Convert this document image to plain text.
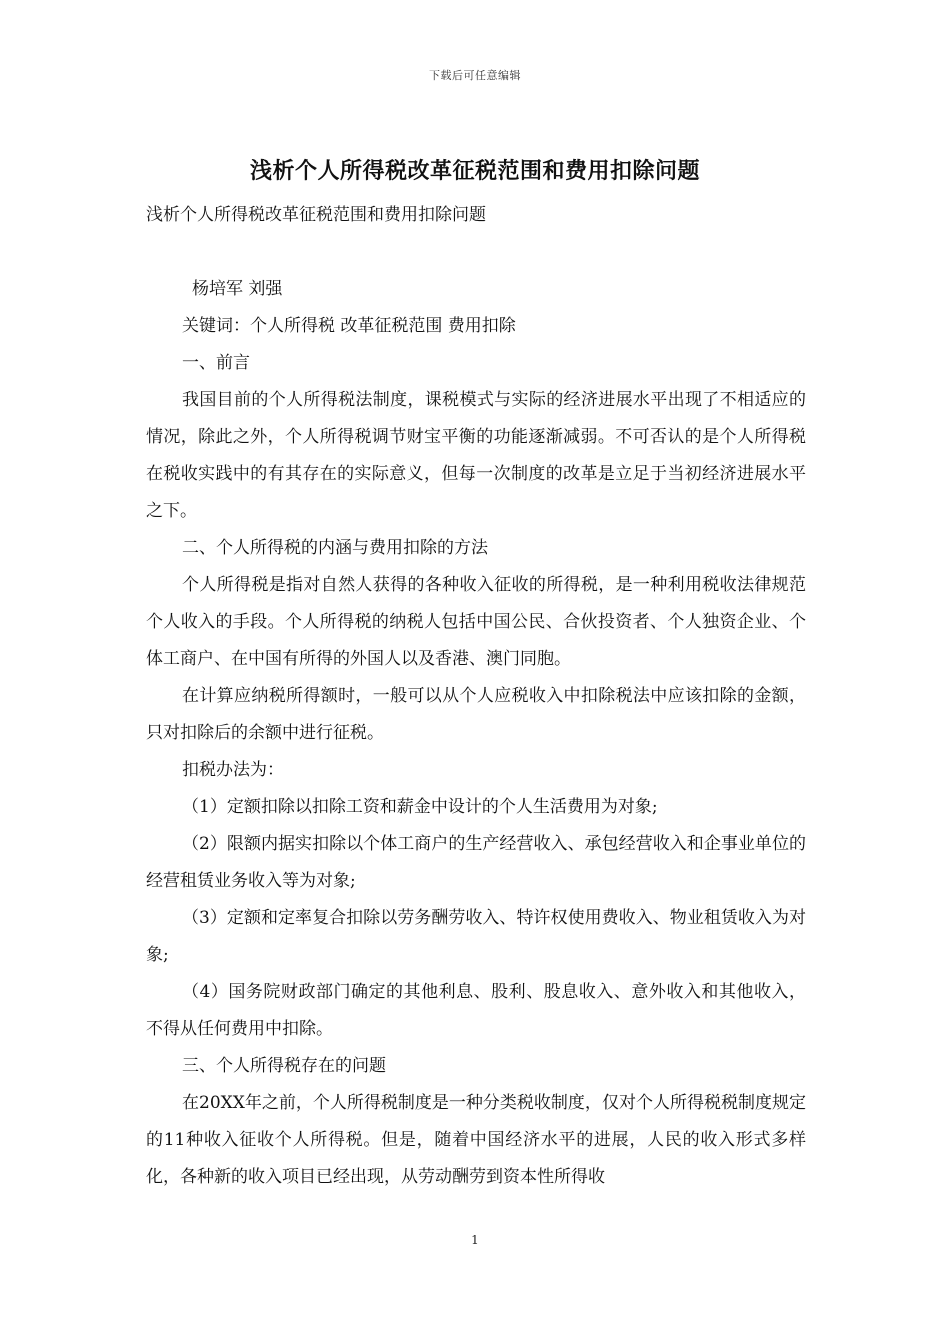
下载后可任意编辑
浅析个人所得税改革征税范围和费用扣除问题

浅析个人所得税改革征税范围和费用扣除问题

杨培军 刘强

关键词：个人所得税 改革征税范围 费用扣除

一、前言

我国目前的个人所得税法制度，课税模式与实际的经济进展水平出现了不相适应的情况，除此之外，个人所得税调节财宝平衡的功能逐渐减弱。不可否认的是个人所得税在税收实践中的有其存在的实际意义，但每一次制度的改革是立足于当初经济进展水平之下。

二、个人所得税的内涵与费用扣除的方法

个人所得税是指对自然人获得的各种收入征收的所得税，是一种利用税收法律规范个人收入的手段。个人所得税的纳税人包括中国公民、合伙投资者、个人独资企业、个体工商户、在中国有所得的外国人以及香港、澳门同胞。

在计算应纳税所得额时，一般可以从个人应税收入中扣除税法中应该扣除的金额，只对扣除后的余额中进行征税。

扣税办法为：

（1）定额扣除以扣除工资和薪金中设计的个人生活费用为对象;

（2）限额内据实扣除以个体工商户的生产经营收入、承包经营收入和企事业单位的经营租赁业务收入等为对象;

（3）定额和定率复合扣除以劳务酬劳收入、特许权使用费收入、物业租赁收入为对象;

（4）国务院财政部门确定的其他利息、股利、股息收入、意外收入和其他收入， 不得从任何费用中扣除。

三、个人所得税存在的问题

在20XX年之前，个人所得税制度是一种分类税收制度，仅对个人所得税税制度规定的11种收入征收个人所得税。但是，随着中国经济水平的进展，人民的收入形式多样化，各种新的收入项目已经出现，从劳动酬劳到资本性所得收

1
